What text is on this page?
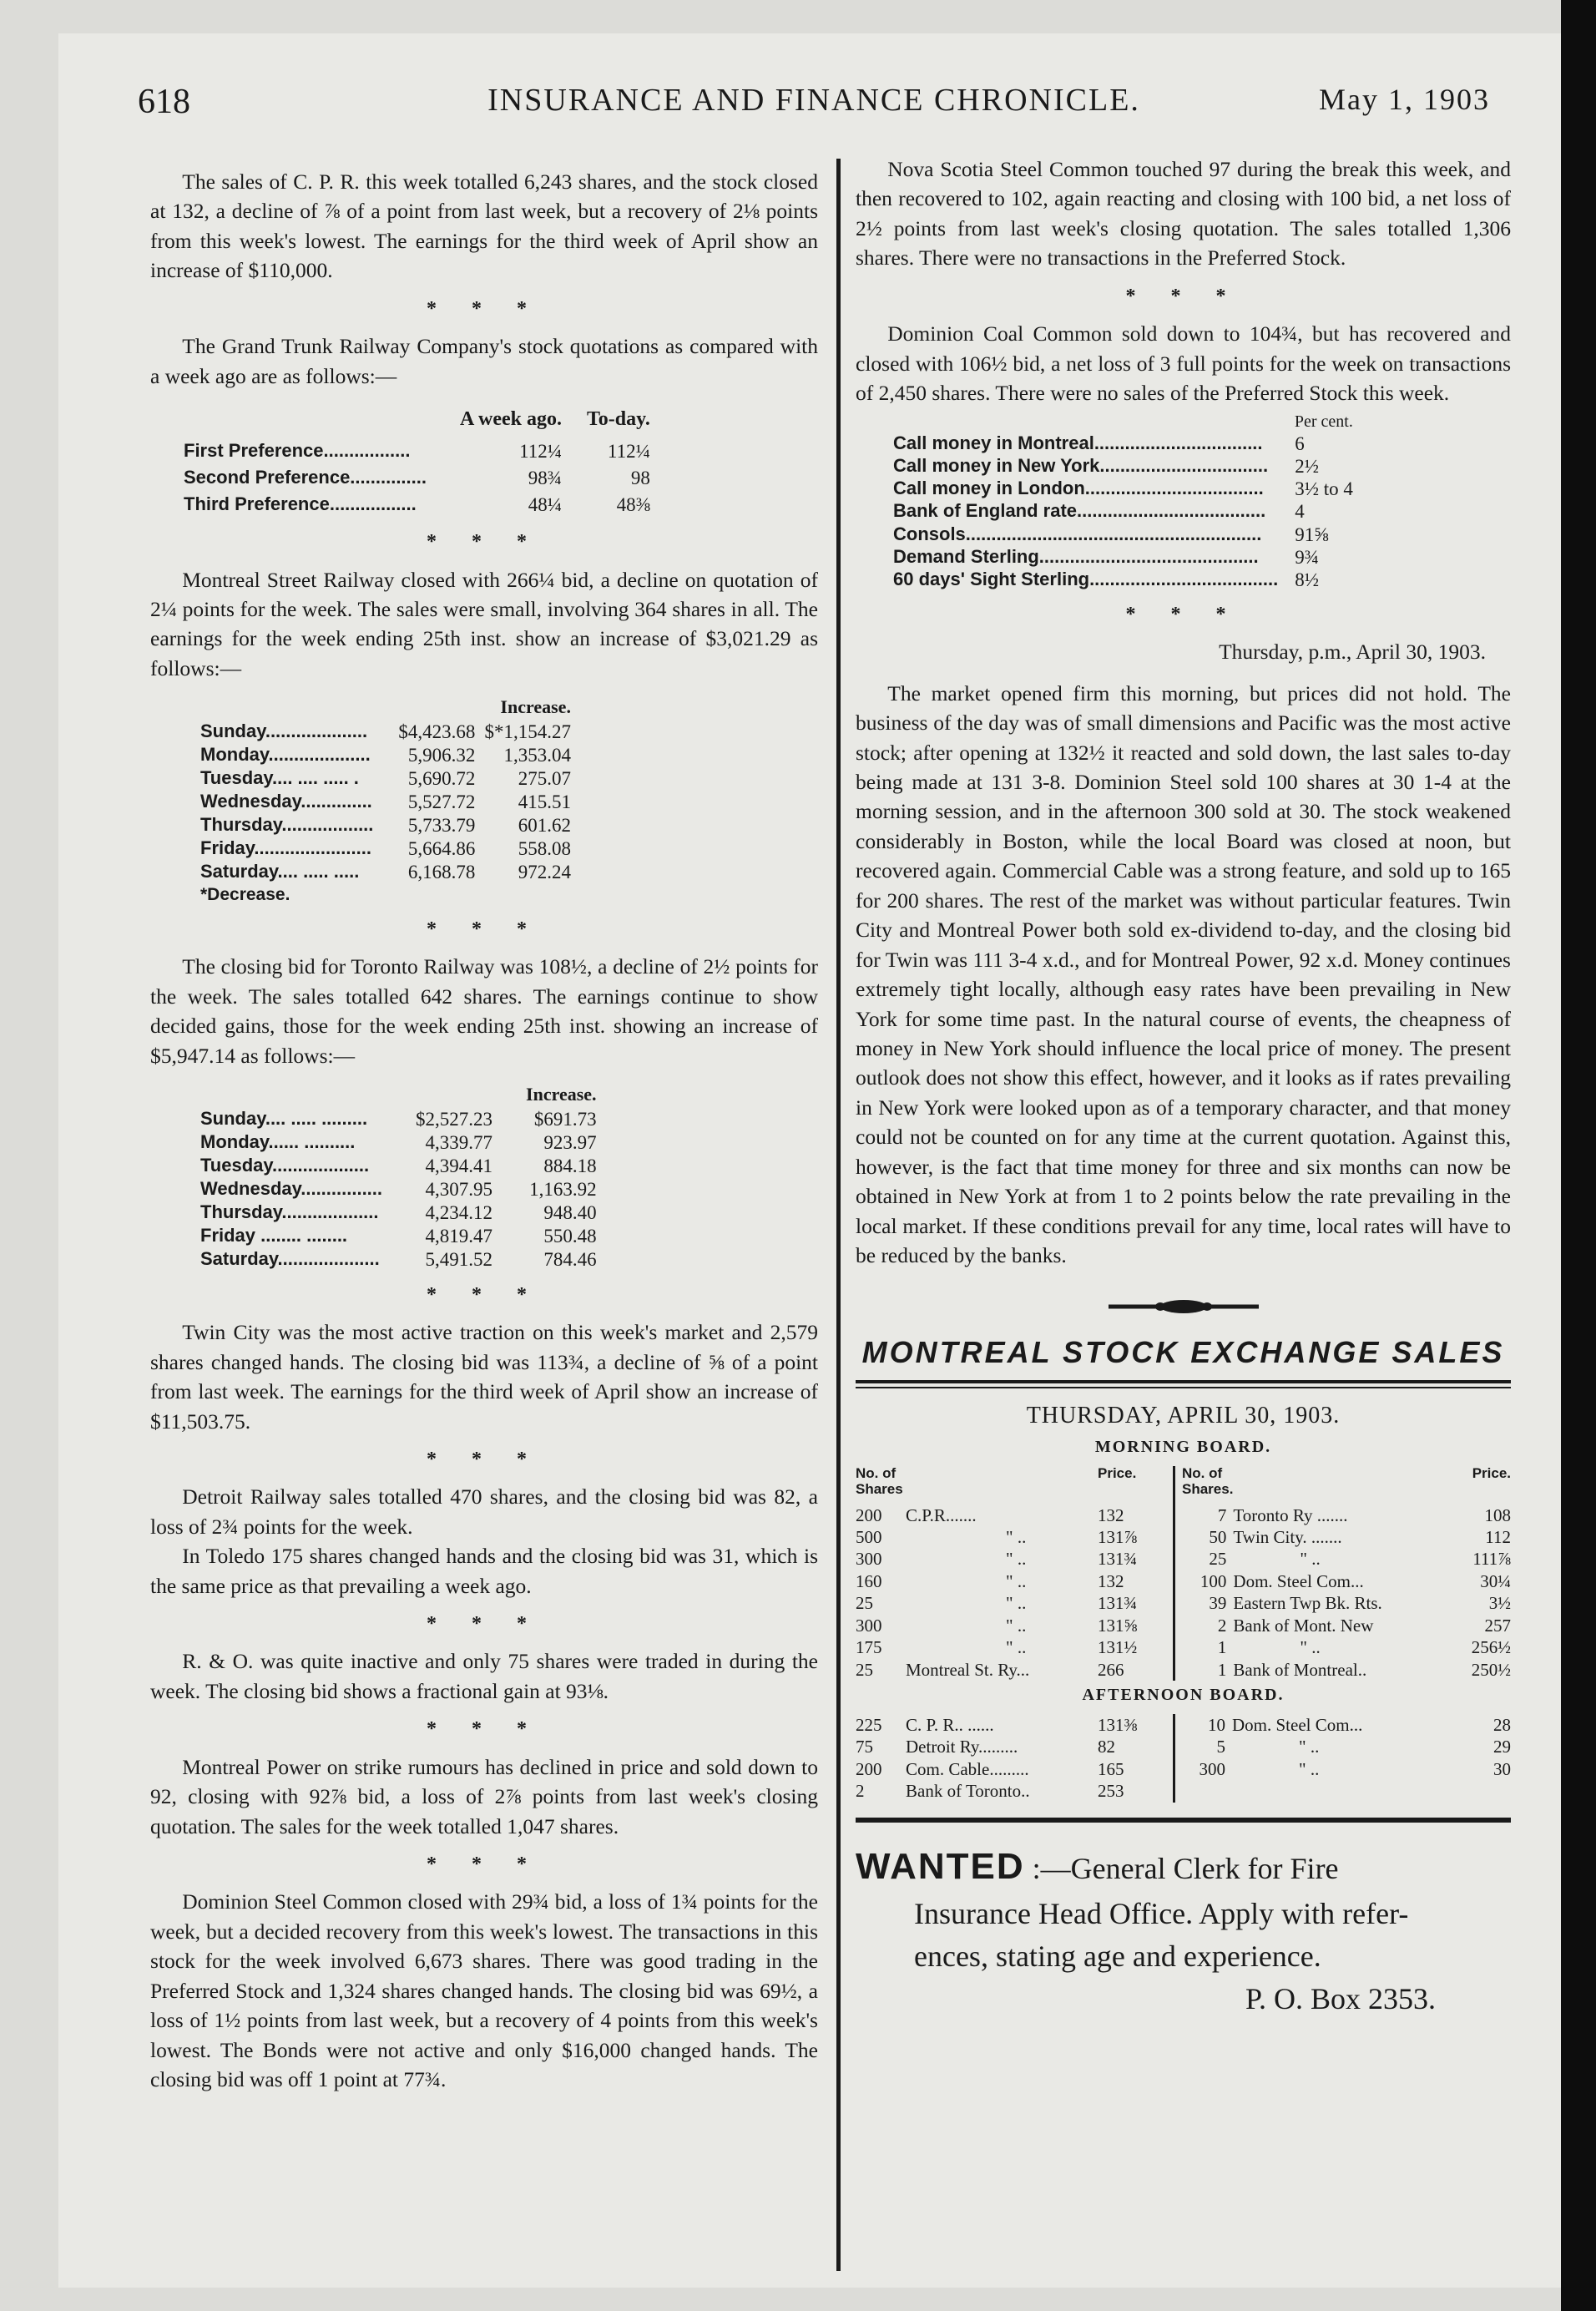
618	INSURANCE AND FINANCE CHRONICLE.	May 1, 1903

The sales of C. P. R. this week totalled 6,243 shares, and the stock closed at 132, a decline of ⅞ of a point from last week, but a recovery of 2⅛ points from this week's lowest. The earnings for the third week of April show an increase of $110,000.

* * *

The Grand Trunk Railway Company's stock quotations as compared with a week ago are as follows:—

	A week ago.	To-day.
First Preference.................	112¼	112¼
Second Preference...............	98¾	98
Third Preference.................	48¼	48⅜
* * *

Montreal Street Railway closed with 266¼ bid, a decline on quotation of 2¼ points for the week. The sales were small, involving 364 shares in all. The earnings for the week ending 25th inst. show an increase of $3,021.29 as follows:—

		Increase.
Sunday....................	$4,423.68	$*1,154.27
Monday....................	5,906.32	1,353.04
Tuesday.... .... ..... .	5,690.72	275.07
Wednesday..............	5,527.72	415.51
Thursday..................	5,733.79	601.62
Friday.......................	5,664.86	558.08
Saturday.... ..... .....	6,168.78	972.24
*Decrease.		
* * *

The closing bid for Toronto Railway was 108½, a decline of 2½ points for the week. The sales totalled 642 shares. The earnings continue to show decided gains, those for the week ending 25th inst. showing an increase of $5,947.14 as follows:—

		Increase.
Sunday.... ..... .........	$2,527.23	$691.73
Monday...... ..........	4,339.77	923.97
Tuesday...................	4,394.41	884.18
Wednesday................	4,307.95	1,163.92
Thursday...................	4,234.12	948.40
Friday ........ ........	4,819.47	550.48
Saturday....................	5,491.52	784.46
* * *

Twin City was the most active traction on this week's market and 2,579 shares changed hands. The closing bid was 113¾, a decline of ⅝ of a point from last week. The earnings for the third week of April show an increase of $11,503.75.

* * *

Detroit Railway sales totalled 470 shares, and the closing bid was 82, a loss of 2¾ points for the week.

In Toledo 175 shares changed hands and the closing bid was 31, which is the same price as that prevailing a week ago.

* * *

R. & O. was quite inactive and only 75 shares were traded in during the week. The closing bid shows a fractional gain at 93⅛.

* * *

Montreal Power on strike rumours has declined in price and sold down to 92, closing with 92⅞ bid, a loss of 2⅞ points from last week's closing quotation. The sales for the week totalled 1,047 shares.

* * *

Dominion Steel Common closed with 29¾ bid, a loss of 1¾ points for the week, but a decided recovery from this week's lowest. The transactions in this stock for the week involved 6,673 shares. There was good trading in the Preferred Stock and 1,324 shares changed hands. The closing bid was 69½, a loss of 1½ points from last week, but a recovery of 4 points from this week's lowest. The Bonds were not active and only $16,000 changed hands. The closing bid was off 1 point at 77¾.

Nova Scotia Steel Common touched 97 during the break this week, and then recovered to 102, again reacting and closing with 100 bid, a net loss of 2½ points from last week's closing quotation. The sales totalled 1,306 shares. There were no transactions in the Preferred Stock.

* * *

Dominion Coal Common sold down to 104¾, but has recovered and closed with 106½ bid, a net loss of 3 full points for the week on transactions of 2,450 shares. There were no sales of the Preferred Stock this week.

	Per cent.
Call money in Montreal.................................	6
Call money in New York.................................	2½
Call money in London...................................	3½ to 4
Bank of England rate.....................................	4
Consols..........................................................	91⅝
Demand Sterling...........................................	9¾
60 days' Sight Sterling.....................................	8½
* * *
Thursday, p.m., April 30, 1903.

The market opened firm this morning, but prices did not hold. The business of the day was of small dimensions and Pacific was the most active stock; after opening at 132½ it reacted and sold down, the last sales to-day being made at 131 3-8. Dominion Steel sold 100 shares at 30 1-4 at the morning session, and in the afternoon 300 sold at 30. The stock weakened considerably in Boston, while the local Board was closed at noon, but recovered again. Commercial Cable was a strong feature, and sold up to 165 for 200 shares. The rest of the market was without particular features. Twin City and Montreal Power both sold ex-dividend to-day, and the closing bid for Twin was 111 3-4 x.d., and for Montreal Power, 92 x.d. Money continues extremely tight locally, although easy rates have been prevailing in New York for some time past. In the natural course of events, the cheapness of money in New York should influence the local price of money. The present outlook does not show this effect, however, and it looks as if rates prevailing in New York were looked upon as of a temporary character, and that money could not be counted on for any time at the current quotation. Against this, however, is the fact that time money for three and six months can now be obtained in New York at from 1 to 2 points below the rate prevailing in the local market. If these conditions prevail for any time, local rates will have to be reduced by the banks.

MONTREAL STOCK EXCHANGE SALES
THURSDAY, APRIL 30, 1903.
MORNING BOARD.
No. of Shares		Price.	No. of Shares.		Price.
200	C.P.R.......	132	7	Toronto Ry .......	108
500	" ..	131⅞	50	Twin City. .......	112
300	" ..	131¾	25	" ..	111⅞
160	" ..	132	100	Dom. Steel Com...	30¼
25	" ..	131¾	39	Eastern Twp Bk. Rts.	3½
300	" ..	131⅝	2	Bank of Mont. New	257
175	" ..	131½	1	" ..	256½
25	Montreal St. Ry...	266	1	Bank of Montreal..	250½
AFTERNOON BOARD.
225	C. P. R.. ......	131⅜	10	Dom. Steel Com...	28
75	Detroit Ry.........	82	5	" ..	29
200	Com. Cable.........	165	300	" ..	30
2	Bank of Toronto..	253			
WANTED :—General Clerk for Fire
Insurance Head Office. Apply with refer-
ences, stating age and experience.
P. O. Box 2353.
